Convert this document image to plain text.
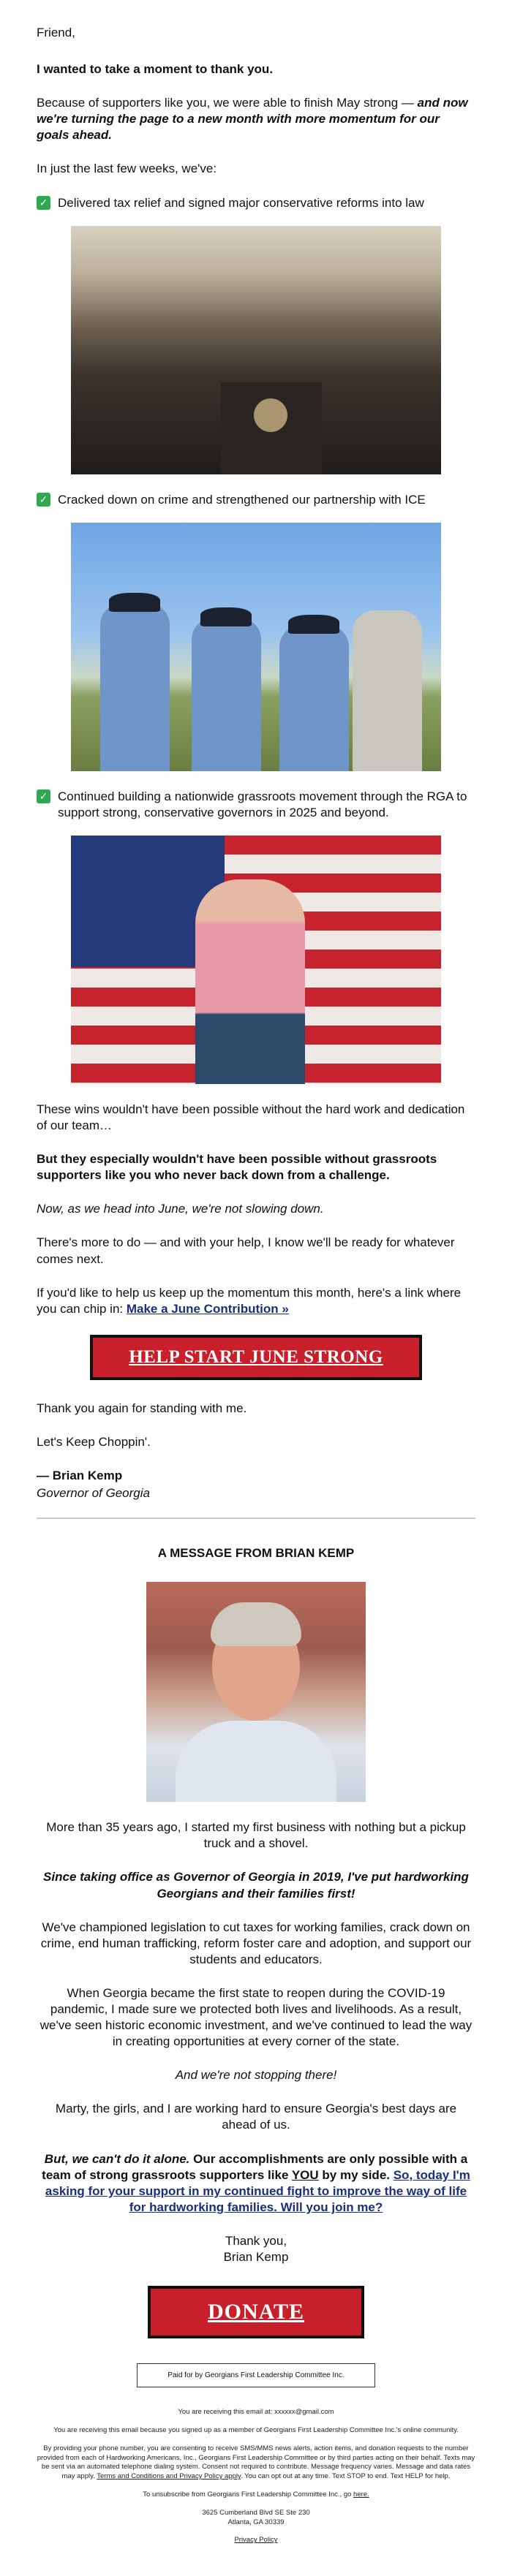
Friend,

I wanted to take a moment to thank you.

Because of supporters like you, we were able to finish May strong — and now we're turning the page to a new month with more momentum for our goals ahead.

In just the last few weeks, we've:

✓ Delivered tax relief and signed major conservative reforms into law
✓ Cracked down on crime and strengthened our partnership with ICE
✓ Continued building a nationwide grassroots movement through the RGA to support strong, conservative governors in 2025 and beyond.

These wins wouldn't have been possible without the hard work and dedication of our team…

But they especially wouldn't have been possible without grassroots supporters like you who never back down from a challenge.

Now, as we head into June, we're not slowing down.

There's more to do — and with your help, I know we'll be ready for whatever comes next.

If you'd like to help us keep up the momentum this month, here's a link where you can chip in: Make a June Contribution »

HELP START JUNE STRONG

Thank you again for standing with me.

Let's Keep Choppin'.

— Brian Kemp
Governor of Georgia
A MESSAGE FROM BRIAN KEMP

More than 35 years ago, I started my first business with nothing but a pickup truck and a shovel.

Since taking office as Governor of Georgia in 2019, I've put hardworking Georgians and their families first!

We've championed legislation to cut taxes for working families, crack down on crime, end human trafficking, reform foster care and adoption, and support our students and educators.

When Georgia became the first state to reopen during the COVID-19 pandemic, I made sure we protected both lives and livelihoods. As a result, we've seen historic economic investment, and we've continued to lead the way in creating opportunities at every corner of the state.

And we're not stopping there!

Marty, the girls, and I are working hard to ensure Georgia's best days are ahead of us.

But, we can't do it alone. Our accomplishments are only possible with a team of strong grassroots supporters like YOU by my side. So, today I'm asking for your support in my continued fight to improve the way of life for hardworking families. Will you join me?

Thank you,
Brian Kemp
DONATE
Paid for by Georgians First Leadership Committee Inc.
You are receiving this email at: xxxxxx@gmail.com
You are receiving this email because you signed up as a member of Georgians First Leadership Committee Inc.'s online community.
By providing your phone number, you are consenting to receive SMS/MMS news alerts, action items, and donation requests to the number provided from each of Hardworking Americans, Inc., Georgians First Leadership Committee or by third parties acting on their behalf. Texts may be sent via an automated telephone dialing system. Consent not required to contribute. Message frequency varies. Message and data rates may apply. Terms and Conditions and Privacy Policy apply. You can opt out at any time. Text STOP to end. Text HELP for help.
To unsubscribe from Georgians First Leadership Committee Inc., go here.
3625 Cumberland Blvd SE Ste 230
Atlanta, GA 30339
Privacy Policy
